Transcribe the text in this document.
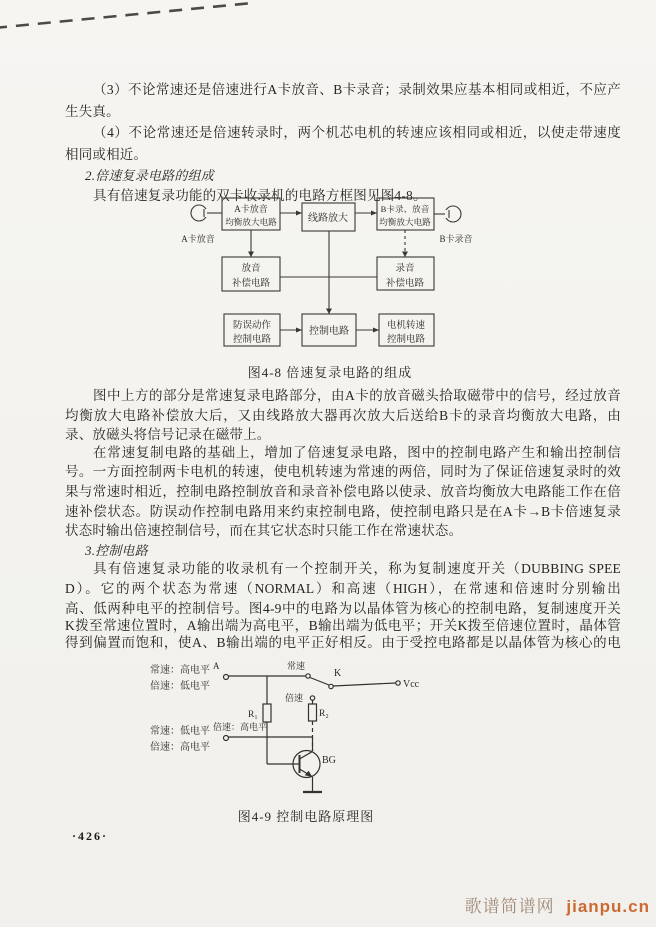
（3）不论常速还是倍速进行A卡放音、B卡录音；录制效果应基本相同或相近，不应产
生失真。
（4）不论常速还是倍速转录时，两个机芯电机的转速应该相同或相近，以使走带速度
相同或相近。
2.倍速复录电路的组成
具有倍速复录功能的双卡收录机的电路方框图见图4-8。
图中上方的部分是常速复录电路部分，由A卡的放音磁头拾取磁带中的信号，经过放音
均衡放大电路补偿放大后，又由线路放大器再次放大后送给B卡的录音均衡放大电路，由
录、放磁头将信号记录在磁带上。
在常速复制电路的基础上，增加了倍速复录电路，图中的控制电路产生和输出控制信
号。一方面控制两卡电机的转速，使电机转速为常速的两倍，同时为了保证倍速复录时的效
果与常速时相近，控制电路控制放音和录音补偿电路以使录、放音均衡放大电路能工作在倍
速补偿状态。防误动作控制电路用来约束控制电路，使控制电路只是在A卡→B卡倍速复录
状态时输出倍速控制信号，而在其它状态时只能工作在常速状态。
3.控制电路
具有倍速复录功能的收录机有一个控制开关，称为复制速度开关（DUBBING SPEE
D）。它的两个状态为常速（NORMAL）和高速（HIGH），在常速和倍速时分别输出
高、低两种电平的控制信号。图4-9中的电路为以晶体管为核心的控制电路，复制速度开关
K拨至常速位置时，A输出端为高电平，B输出端为低电平；开关K拨至倍速位置时，晶体管
得到偏置而饱和，使A、B输出端的电平正好相反。由于受控电路都是以晶体管为核心的电
A卡放音
均衡放大电路	线路放大
B卡录、放音
均衡放大电路
放音
补偿电路
录音
补偿电路
防误动作
控制电路
控制电路	电机转速
控制电路
A卡放音	B卡录音
图4-8 倍速复录电路的组成
常速：高电平 A
倍速：低电平
常速：低电平 倍速：高电平
倍速：高电平
常速
倍速
K
Vcc
R₁	R₂
BG
图4-9 控制电路原理图
·426·
歌谱简谱网 jianpu.cn
